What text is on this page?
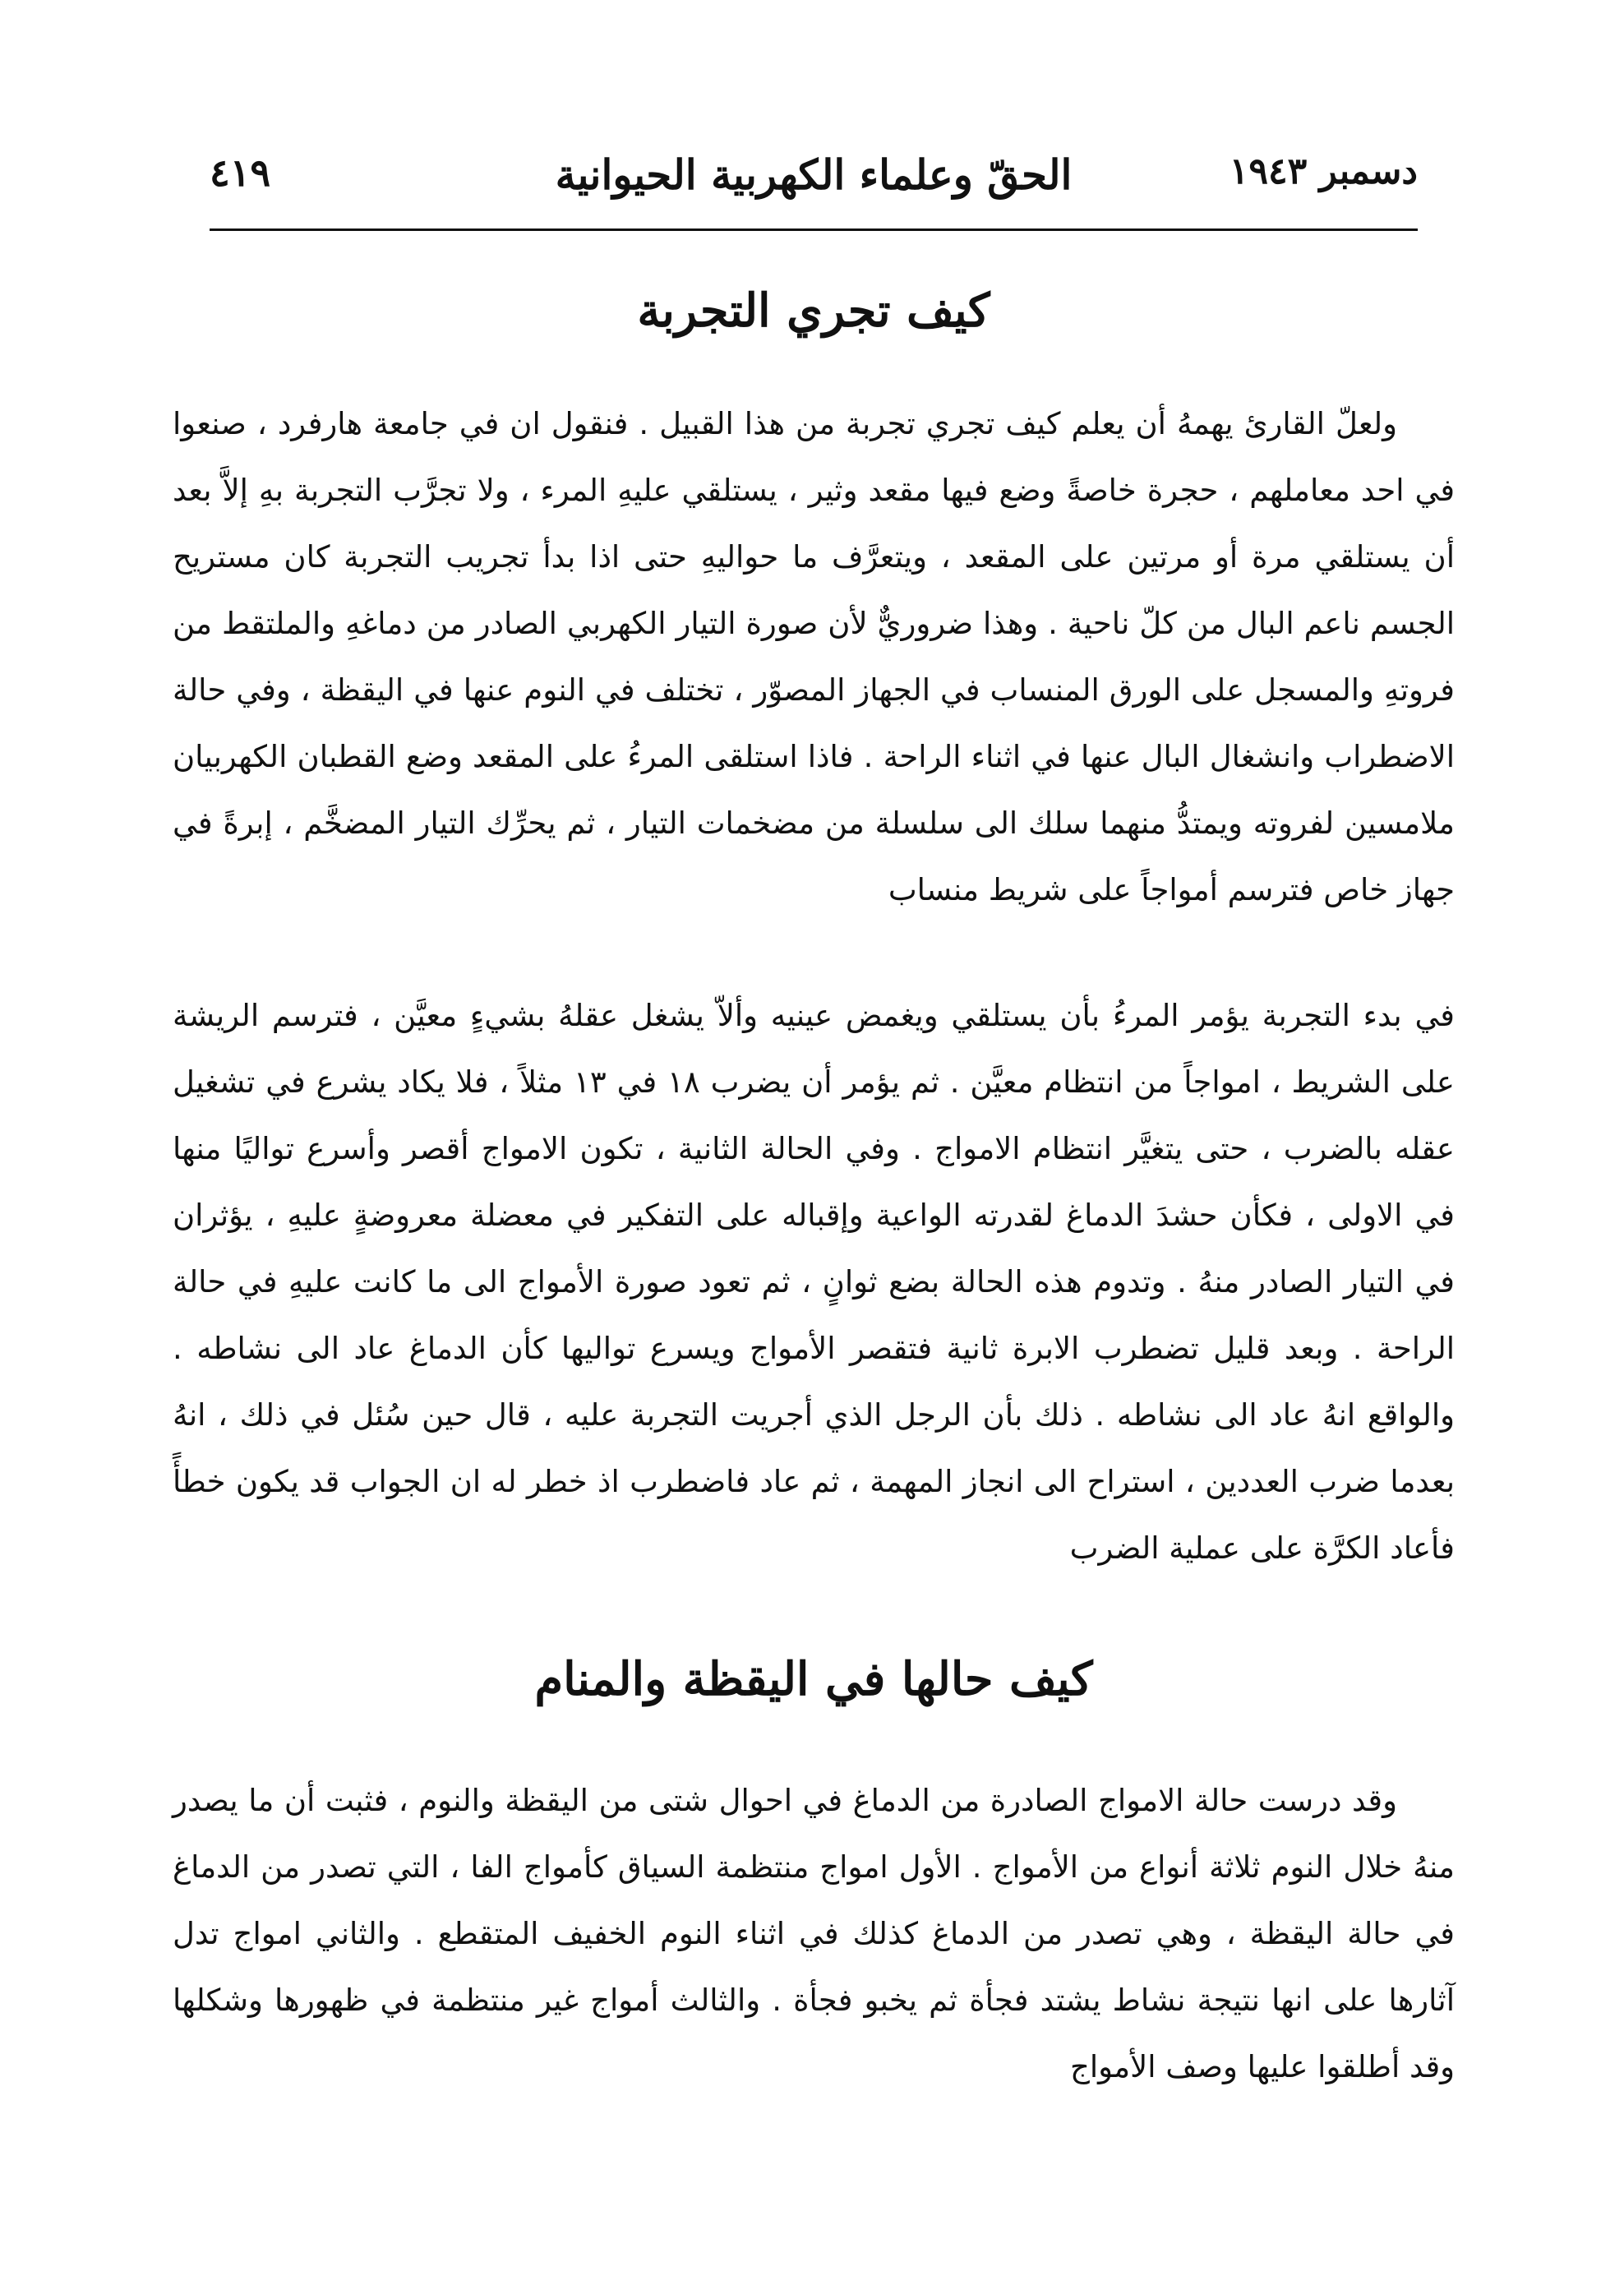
دسمبر ١٩٤٣
الحقّ وعلماء الكهربية الحيوانية
٤١٩
كيف تجري التجربة

ولعلّ القارئ يهمهُ أن يعلم كيف تجري تجربة من هذا القبيل . فنقول ان في جامعة هارفرد ، صنعوا في احد معاملهم ، حجرة خاصةً وضع فيها مقعد وثير ، يستلقي عليهِ المرء ، ولا تجرَّب التجربة بهِ إلاَّ بعد أن يستلقي مرة أو مرتين على المقعد ، ويتعرَّف ما حواليهِ حتى اذا بدأ تجريب التجربة كان مستريح الجسم ناعم البال من كلّ ناحية . وهذا ضروريٌّ لأن صورة التيار الكهربي الصادر من دماغهِ والملتقط من فروتهِ والمسجل على الورق المنساب في الجهاز المصوّر ، تختلف في النوم عنها في اليقظة ، وفي حالة الاضطراب وانشغال البال عنها في اثناء الراحة . فاذا استلقى المرءُ على المقعد وضع القطبان الكهربيان ملامسين لفروته ويمتدُّ منهما سلك الى سلسلة من مضخمات التيار ، ثم يحرِّك التيار المضخَّم ، إبرةً في جهاز خاص فترسم أمواجاً على شريط منساب

في بدء التجربة يؤمر المرءُ بأن يستلقي ويغمض عينيه وألاّ يشغل عقلهُ بشيءٍ معيَّن ، فترسم الريشة على الشريط ، امواجاً من انتظام معيَّن . ثم يؤمر أن يضرب ١٨ في ١٣ مثلاً ، فلا يكاد يشرع في تشغيل عقله بالضرب ، حتى يتغيَّر انتظام الامواج . وفي الحالة الثانية ، تكون الامواج أقصر وأسرع تواليًا منها في الاولى ، فكأن حشدَ الدماغ لقدرته الواعية وإقباله على التفكير في معضلة معروضةٍ عليهِ ، يؤثران في التيار الصادر منهُ . وتدوم هذه الحالة بضع ثوانٍ ، ثم تعود صورة الأمواج الى ما كانت عليهِ في حالة الراحة . وبعد قليل تضطرب الابرة ثانية فتقصر الأمواج ويسرع تواليها كأن الدماغ عاد الى نشاطه . والواقع انهُ عاد الى نشاطه . ذلك بأن الرجل الذي أجريت التجربة عليه ، قال حين سُئل في ذلك ، انهُ بعدما ضرب العددين ، استراح الى انجاز المهمة ، ثم عاد فاضطرب اذ خطر له ان الجواب قد يكون خطأً فأعاد الكرَّة على عملية الضرب

كيف حالها في اليقظة والمنام

وقد درست حالة الامواج الصادرة من الدماغ في احوال شتى من اليقظة والنوم ، فثبت أن ما يصدر منهُ خلال النوم ثلاثة أنواع من الأمواج . الأول امواج منتظمة السياق كأمواج الفا ، التي تصدر من الدماغ في حالة اليقظة ، وهي تصدر من الدماغ كذلك في اثناء النوم الخفيف المتقطع . والثاني امواج تدل آثارها على انها نتيجة نشاط يشتد فجأة ثم يخبو فجأة . والثالث أمواج غير منتظمة في ظهورها وشكلها وقد أطلقوا عليها وصف الأمواج
